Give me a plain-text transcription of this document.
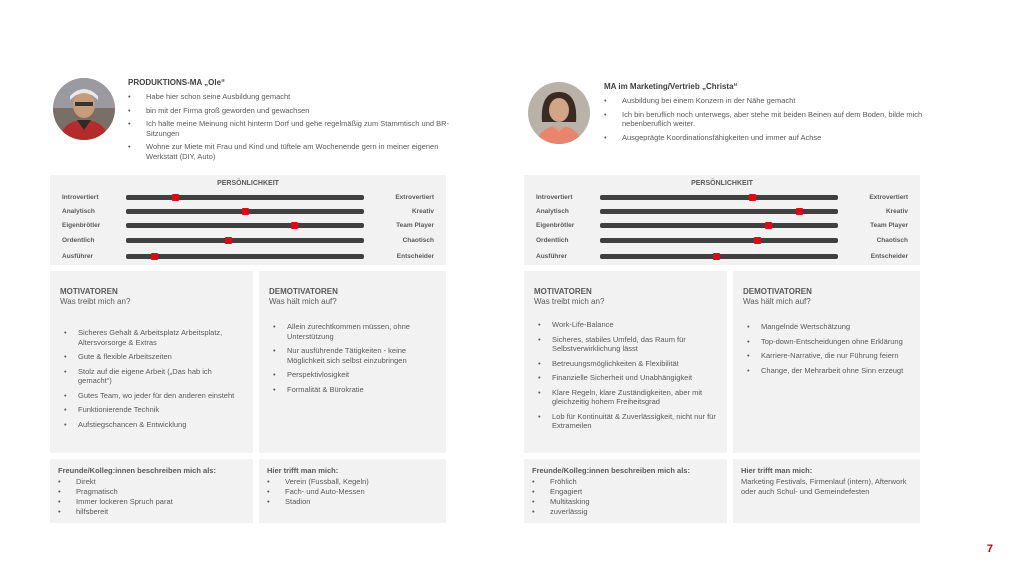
PRODUKTIONS-MA „Ole“
• Habe hier schon seine Ausbildung gemacht
• bin mit der Firma groß geworden und gewachsen
• Ich halte meine Meinung nicht hinterm Dorf und gehe regelmäßig zum Stammtisch und BR-Sitzungen
• Wohne zur Miete mit Frau und Kind und tüftele am Wochenende gern in meiner eigenen Werkstatt (DIY, Auto)
PERSÖNLICHKEIT
Introvertiert	Extrovertiert
Analytisch	Kreativ
Eigenbrötler	Team Player
Ordentlich	Chaotisch
Ausführer	Entscheider
MOTIVATOREN
Was treibt mich an?
• Sicheres Gehalt & Arbeitsplatz Arbeitsplatz, Altersvorsorge & Extras
• Gute & flexible Arbeitszeiten
• Stolz auf die eigene Arbeit („Das hab ich gemacht“)
• Gutes Team, wo jeder für den anderen einsteht
• Funktionierende Technik
• Aufstiegschancen & Entwicklung
DEMOTIVATOREN
Was hält mich auf?
• Allein zurechtkommen müssen, ohne Unterstützung
• Nur ausführende Tätigkeiten - keine Möglichkeit sich selbst einzubringen
• Perspektivlosigkeit
• Formalität & Bürokratie
Freunde/Kolleg:innen beschreiben mich als:
• Direkt
• Pragmatisch
• Immer lockeren Spruch parat
• hilfsbereit
Hier trifft man mich:
• Verein (Fussball, Kegeln)
• Fach- und Auto-Messen
• Stadion
MA im Marketing/Vertrieb „Christa“
• Ausbildung bei einem Konzern in der Nähe gemacht
• Ich bin beruflich noch unterwegs, aber stehe mit beiden Beinen auf dem Boden, bilde mich nebenberuflich weiter.
• Ausgeprägte Koordinationsfähigkeiten und immer auf Achse
PERSÖNLICHKEIT
Introvertiert	Extrovertiert
Analytisch	Kreativ
Eigenbrötler	Team Player
Ordentlich	Chaotisch
Ausführer	Entscheider
MOTIVATOREN
Was treibt mich an?
• Work-Life-Balance
• Sicheres, stabiles Umfeld, das Raum für Selbstverwirklichung lässt
• Betreuungsmöglichkeiten & Flexibilität
• Finanzielle Sicherheit und Unabhängigkeit
• Klare Regeln, klare Zuständigkeiten, aber mit gleichzeitig hohem Freiheitsgrad
• Lob für Kontinuität & Zuverlässigkeit, nicht nur für Extrameilen
DEMOTIVATOREN
Was hält mich auf?
• Mangelnde Wertschätzung
• Top-down-Entscheidungen ohne Erklärung
• Karriere-Narrative, die nur Führung feiern
• Change, der Mehrarbeit ohne Sinn erzeugt
Freunde/Kolleg:innen beschreiben mich als:
• Fröhlich
• Engagiert
• Multitasking
• zuverlässig
Hier trifft man mich:
Marketing Festivals, Firmenlauf (intern), Afterwork oder auch Schul- und Gemeindefesten
7
